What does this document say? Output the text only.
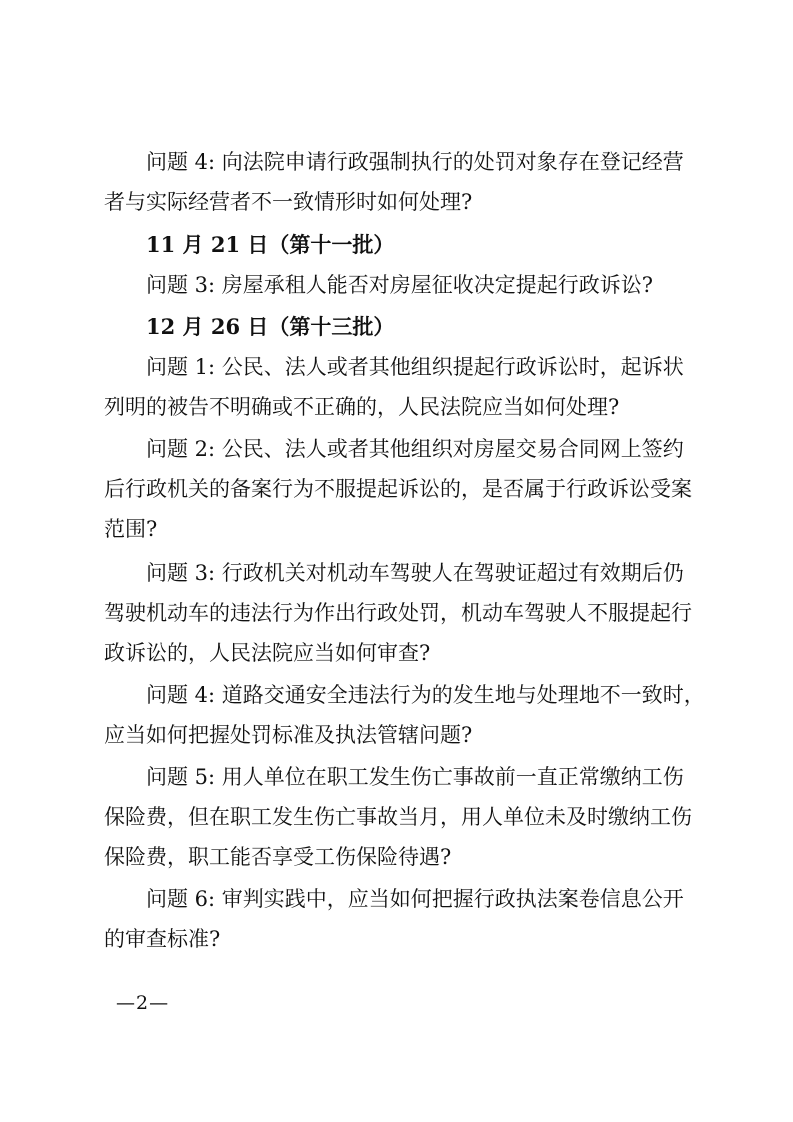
问题 4: 向法院申请行政强制执行的处罚对象存在登记经营
者与实际经营者不一致情形时如何处理?
11 月 21 日（第十一批）
问题 3: 房屋承租人能否对房屋征收决定提起行政诉讼?
12 月 26 日（第十三批）
问题 1: 公民、法人或者其他组织提起行政诉讼时，起诉状
列明的被告不明确或不正确的，人民法院应当如何处理?
问题 2: 公民、法人或者其他组织对房屋交易合同网上签约
后行政机关的备案行为不服提起诉讼的，是否属于行政诉讼受案
范围?
问题 3: 行政机关对机动车驾驶人在驾驶证超过有效期后仍
驾驶机动车的违法行为作出行政处罚，机动车驾驶人不服提起行
政诉讼的，人民法院应当如何审查?
问题 4: 道路交通安全违法行为的发生地与处理地不一致时，
应当如何把握处罚标准及执法管辖问题?
问题 5: 用人单位在职工发生伤亡事故前一直正常缴纳工伤
保险费，但在职工发生伤亡事故当月，用人单位未及时缴纳工伤
保险费，职工能否享受工伤保险待遇?
问题 6: 审判实践中，应当如何把握行政执法案卷信息公开
的审查标准?
—2—
